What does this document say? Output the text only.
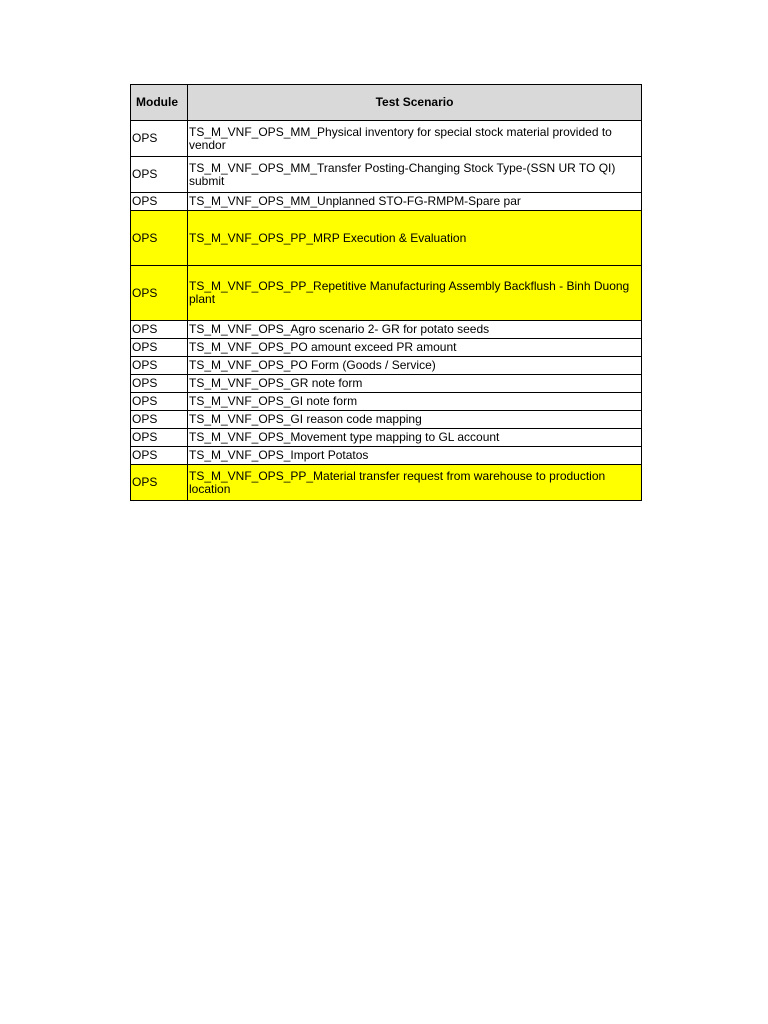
Module	Test Scenario
OPS	TS_M_VNF_OPS_MM_Physical inventory for special stock material provided to vendor
OPS	TS_M_VNF_OPS_MM_Transfer Posting-Changing Stock Type-(SSN UR TO QI) submit
OPS	TS_M_VNF_OPS_MM_Unplanned STO-FG-RMPM-Spare par
OPS	TS_M_VNF_OPS_PP_MRP Execution & Evaluation
OPS	TS_M_VNF_OPS_PP_Repetitive Manufacturing Assembly Backflush - Binh Duong plant
OPS	TS_M_VNF_OPS_Agro scenario 2- GR for potato seeds
OPS	TS_M_VNF_OPS_PO amount exceed PR amount
OPS	TS_M_VNF_OPS_PO Form (Goods / Service)
OPS	TS_M_VNF_OPS_GR note form
OPS	TS_M_VNF_OPS_GI note form
OPS	TS_M_VNF_OPS_GI reason code mapping
OPS	TS_M_VNF_OPS_Movement type mapping to GL account
OPS	TS_M_VNF_OPS_Import Potatos
OPS	TS_M_VNF_OPS_PP_Material transfer request from warehouse to production location
